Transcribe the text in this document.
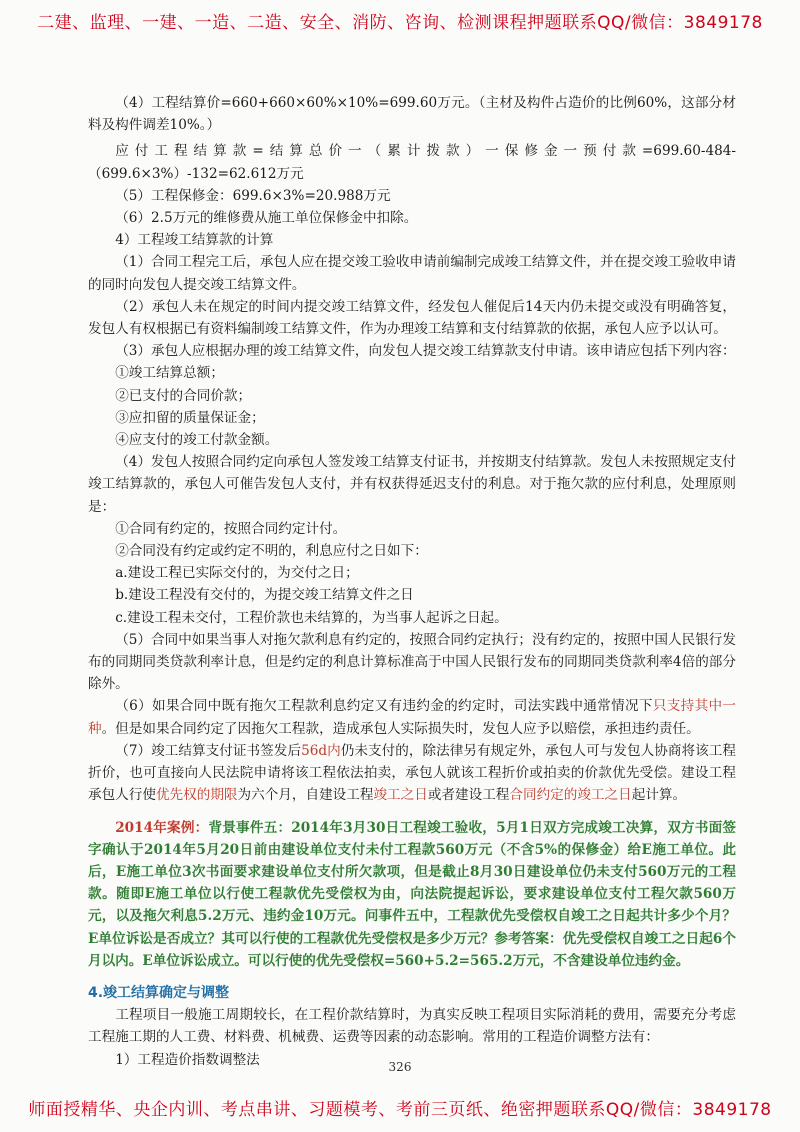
二建、监理、一建、一造、二造、安全、消防、咨询、检测课程押题联系QQ/微信：3849178

（4）工程结算价=660+660×60%×10%=699.60万元。（主材及构件占造价的比例60%，这部分材料及构件调差10%。）

应付工程结算款=结算总价一（累计拨款）一保修金一预付款=699.60-484-（699.6×3%）-132=62.612万元

（5）工程保修金：699.6×3%=20.988万元

（6）2.5万元的维修费从施工单位保修金中扣除。

4）工程竣工结算款的计算

（1）合同工程完工后，承包人应在提交竣工验收申请前编制完成竣工结算文件，并在提交竣工验收申请的同时向发包人提交竣工结算文件。

（2）承包人未在规定的时间内提交竣工结算文件，经发包人催促后14天内仍未提交或没有明确答复，发包人有权根据已有资料编制竣工结算文件，作为办理竣工结算和支付结算款的依据，承包人应予以认可。

（3）承包人应根据办理的竣工结算文件，向发包人提交竣工结算款支付申请。该申请应包括下列内容：

①竣工结算总额；

②已支付的合同价款；

③应扣留的质量保证金；

④应支付的竣工付款金额。

（4）发包人按照合同约定向承包人签发竣工结算支付证书，并按期支付结算款。发包人未按照规定支付竣工结算款的，承包人可催告发包人支付，并有权获得延迟支付的利息。对于拖欠款的应付利息，处理原则是：

①合同有约定的，按照合同约定计付。

②合同没有约定或约定不明的，利息应付之日如下：

a.建设工程已实际交付的，为交付之日；

b.建设工程没有交付的，为提交竣工结算文件之日

c.建设工程未交付，工程价款也未结算的，为当事人起诉之日起。

（5）合同中如果当事人对拖欠款利息有约定的，按照合同约定执行；没有约定的，按照中国人民银行发布的同期同类贷款利率计息，但是约定的利息计算标准高于中国人民银行发布的同期同类贷款利率4倍的部分除外。

（6）如果合同中既有拖欠工程款利息约定又有违约金的约定时，司法实践中通常情况下只支持其中一种。但是如果合同约定了因拖欠工程款，造成承包人实际损失时，发包人应予以赔偿，承担违约责任。

（7）竣工结算支付证书签发后56d内仍未支付的，除法律另有规定外，承包人可与发包人协商将该工程折价，也可直接向人民法院申请将该工程依法拍卖，承包人就该工程折价或拍卖的价款优先受偿。建设工程承包人行使优先权的期限为六个月，自建设工程竣工之日或者建设工程合同约定的竣工之日起计算。

2014年案例：背景事件五：2014年3月30日工程竣工验收，5月1日双方完成竣工决算，双方书面签字确认于2014年5月20日前由建设单位支付未付工程款560万元（不含5%的保修金）给E施工单位。此后，E施工单位3次书面要求建设单位支付所欠款项，但是截止8月30日建设单位仍未支付560万元的工程款。随即E施工单位以行使工程款优先受偿权为由，向法院提起诉讼，要求建设单位支付工程欠款560万元，以及拖欠利息5.2万元、违约金10万元。问事件五中，工程款优先受偿权自竣工之日起共计多少个月？E单位诉讼是否成立？其可以行使的工程款优先受偿权是多少万元？参考答案：优先受偿权自竣工之日起6个月以内。E单位诉讼成立。可以行使的优先受偿权=560+5.2=565.2万元，不含建设单位违约金。

4.竣工结算确定与调整

工程项目一般施工周期较长，在工程价款结算时，为真实反映工程项目实际消耗的费用，需要充分考虑工程施工期的人工费、材料费、机械费、运费等因素的动态影响。常用的工程造价调整方法有：

1）工程造价指数调整法	326
师面授精华、央企内训、考点串讲、习题模考、考前三页纸、绝密押题联系QQ/微信：3849178
